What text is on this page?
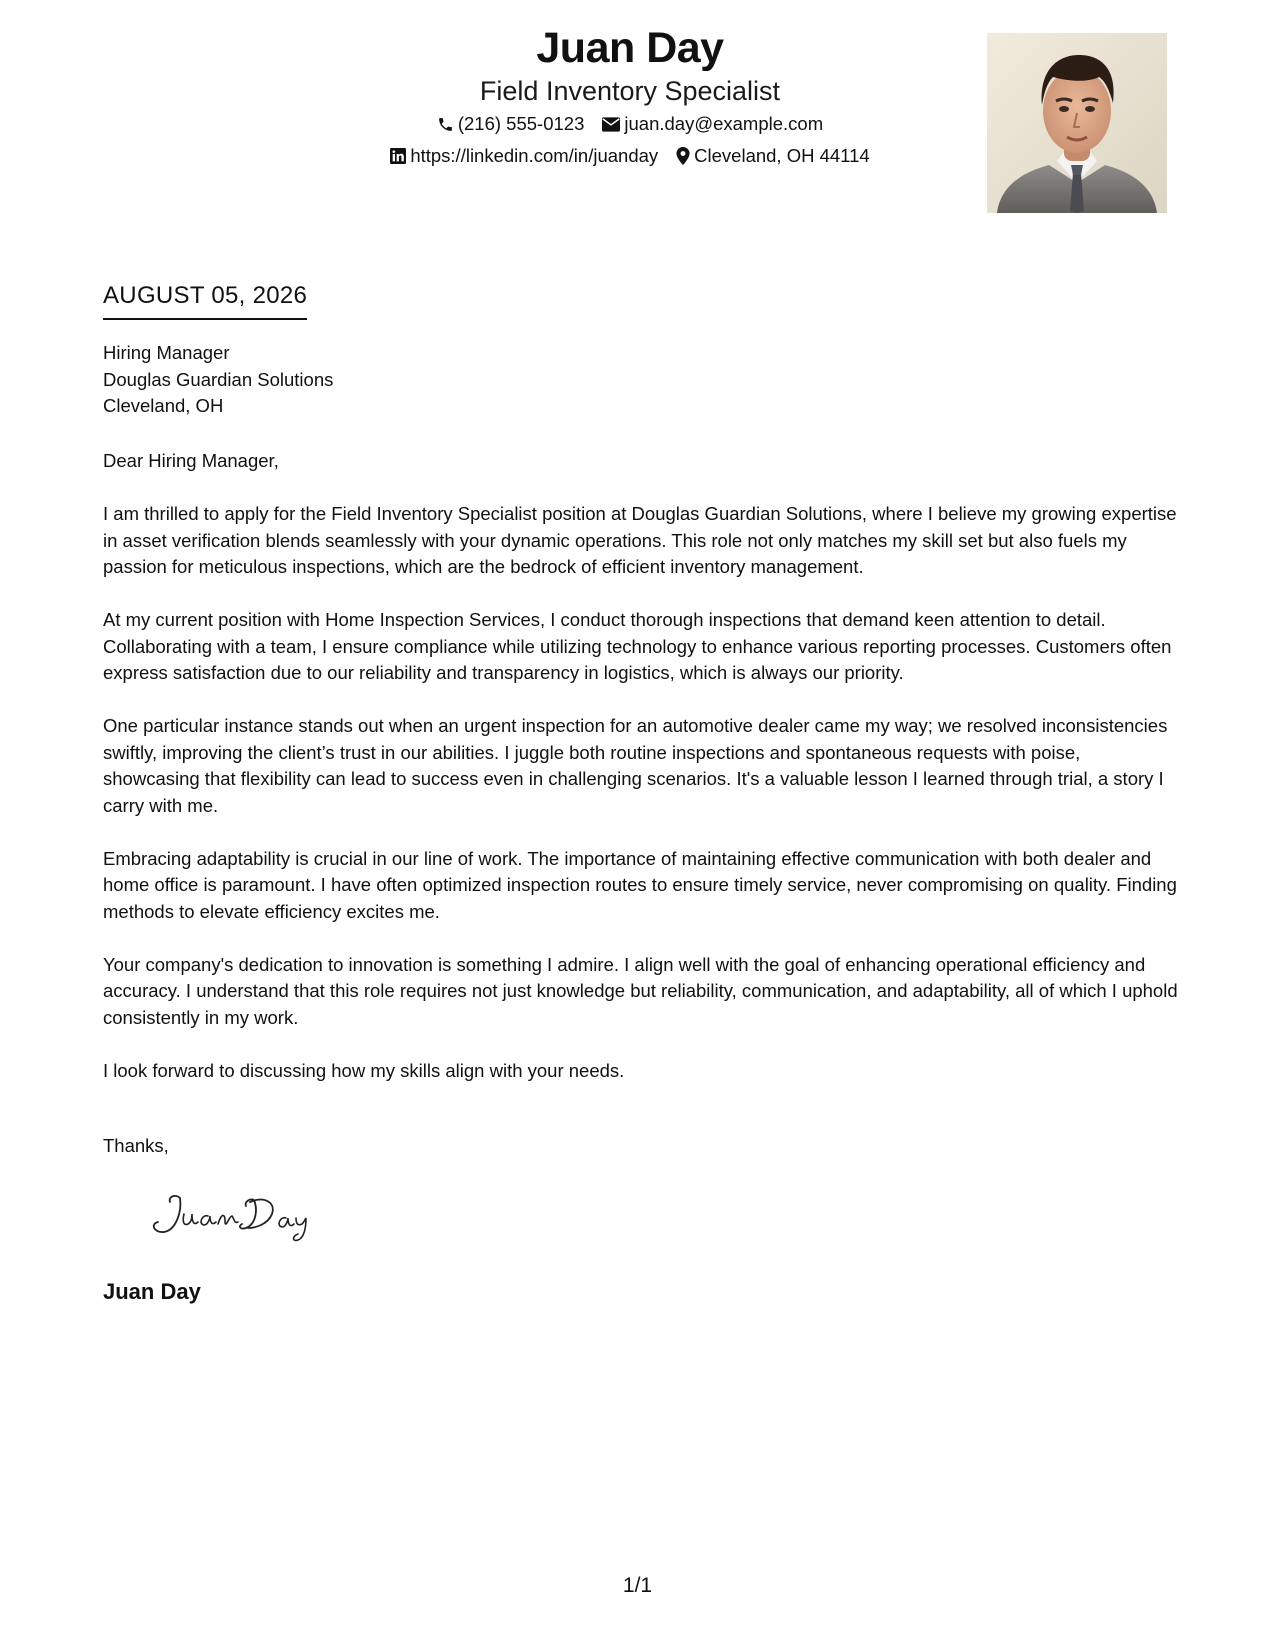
Juan Day
Field Inventory Specialist
(216) 555-0123 juan.day@example.com
https://linkedin.com/in/juanday Cleveland, OH 44114
AUGUST 05, 2026
Hiring Manager
Douglas Guardian Solutions
Cleveland, OH

Dear Hiring Manager,

I am thrilled to apply for the Field Inventory Specialist position at Douglas Guardian Solutions, where I believe my growing expertise in asset verification blends seamlessly with your dynamic operations. This role not only matches my skill set but also fuels my passion for meticulous inspections, which are the bedrock of efficient inventory management.

At my current position with Home Inspection Services, I conduct thorough inspections that demand keen attention to detail. Collaborating with a team, I ensure compliance while utilizing technology to enhance various reporting processes. Customers often express satisfaction due to our reliability and transparency in logistics, which is always our priority.

One particular instance stands out when an urgent inspection for an automotive dealer came my way; we resolved inconsistencies swiftly, improving the client’s trust in our abilities. I juggle both routine inspections and spontaneous requests with poise, showcasing that flexibility can lead to success even in challenging scenarios. It's a valuable lesson I learned through trial, a story I carry with me.

Embracing adaptability is crucial in our line of work. The importance of maintaining effective communication with both dealer and home office is paramount. I have often optimized inspection routes to ensure timely service, never compromising on quality. Finding methods to elevate efficiency excites me.

Your company's dedication to innovation is something I admire. I align well with the goal of enhancing operational efficiency and accuracy. I understand that this role requires not just knowledge but reliability, communication, and adaptability, all of which I uphold consistently in my work.

I look forward to discussing how my skills align with your needs.

Thanks,
Juan Day
1/1
